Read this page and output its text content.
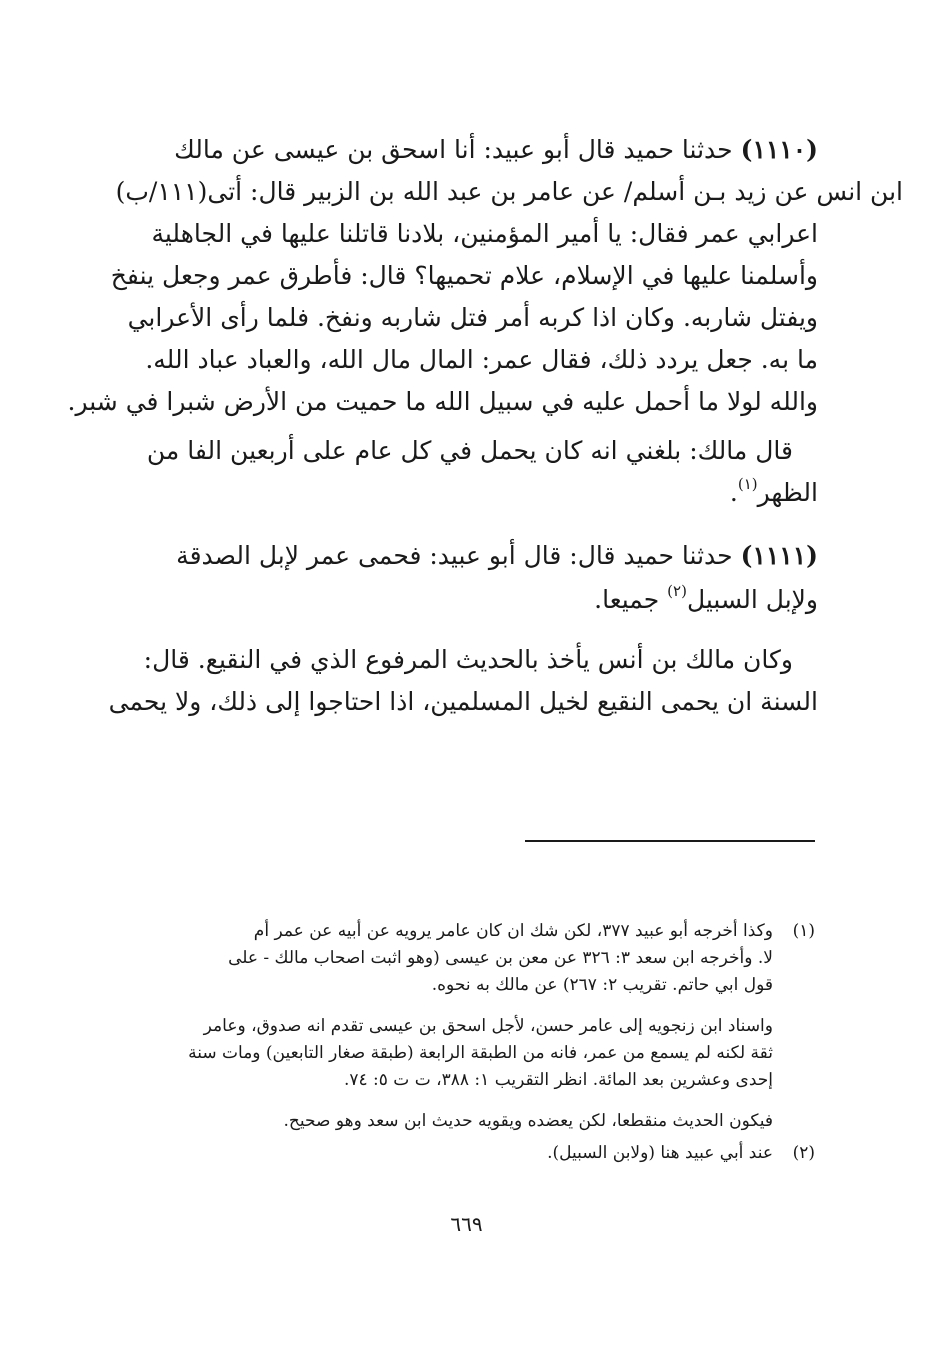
(١١١٠) حدثنا حميد قال أبو عبيد: أنا اسحق بن عيسى عن مالك
ابن انس عن زيد بـن أسلم/ عن عامر بن عبد الله بن الزبير قال: أتى(١١١/ب)
اعرابي عمر فقال: يا أمير المؤمنين، بلادنا قاتلنا عليها في الجاهلية
وأسلمنا عليها في الإسلام، علام تحميها؟ قال: فأطرق عمر وجعل ينفخ
ويفتل شاربه. وكان اذا كربه أمر فتل شاربه ونفخ. فلما رأى الأعرابي
ما به. جعل يردد ذلك، فقال عمر: المال مال الله، والعباد عباد الله.
والله لولا ما أحمل عليه في سبيل الله ما حميت من الأرض شبرا في شبر.
قال مالك: بلغني انه كان يحمل في كل عام على أربعين الفا من
الظهر$^{(١)}$.
(١١١١) حدثنا حميد قال: قال أبو عبيد: فحمى عمر لإبل الصدقة
ولإبل السبيل$^{(٢)}$ جميعا.
وكان مالك بن أنس يأخذ بالحديث المرفوع الذي في النقيع. قال:
السنة ان يحمى النقيع لخيل المسلمين، اذا احتاجوا إلى ذلك، ولا يحمى
(١)
وكذا أخرجه أبو عبيد ٣٧٧، لكن شك ان كان عامر يرويه عن أبيه عن عمر أم
لا. وأخرجه ابن سعد ٣: ٣٢٦ عن معن بن عيسى (وهو اثبت اصحاب مالك - على
قول ابي حاتم. تقريب ٢: ٢٦٧) عن مالك به نحوه.
واسناد ابن زنجويه إلى عامر حسن، لأجل اسحق بن عيسى تقدم انه صدوق، وعامر
ثقة لكنه لم يسمع من عمر، فانه من الطبقة الرابعة (طبقة صغار التابعين) ومات سنة
إحدى وعشرين بعد المائة. انظر التقريب ١: ٣٨٨، ت ت ٥: ٧٤.
فيكون الحديث منقطعا، لكن يعضده ويقويه حديث ابن سعد وهو صحيح.
(٢)
عند أبي عبيد هنا (ولابن السبيل).
٦٦٩
